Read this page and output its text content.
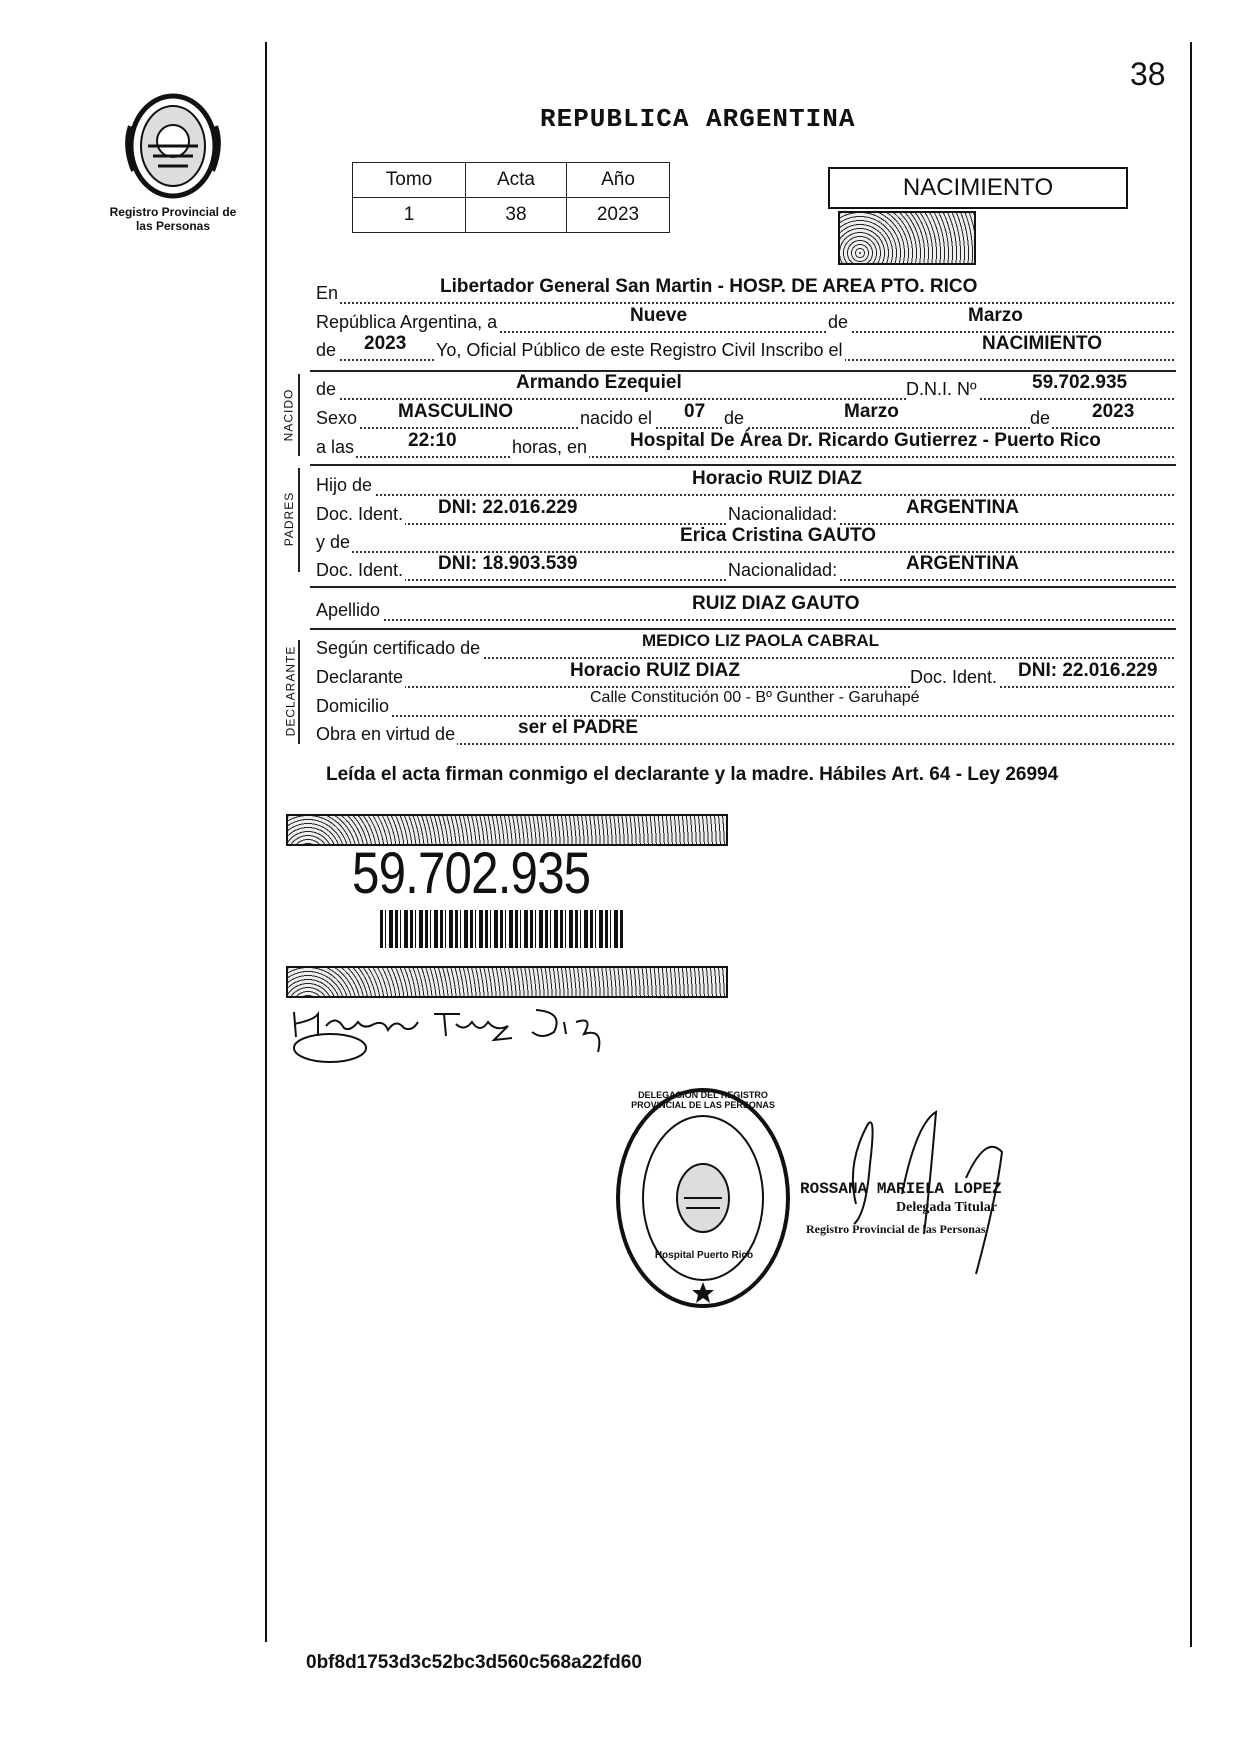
Registro Provincial de las Personas
38
REPUBLICA ARGENTINA
Tomo	Acta	Año
1	38	2023
NACIMIENTO
NACIDO
PADRES
DECLARANTE
En	Libertador General San Martin - HOSP. DE AREA PTO. RICO
República Argentina, a	Nueve	de	Marzo
de 2023 Yo, Oficial Público de este Registro Civil Inscribo el	NACIMIENTO
de	Armando Ezequiel	D.N.I. Nº	59.702.935
Sexo MASCULINO	nacido el 07 de	Marzo	de 2023
a las	22:10	horas, en Hospital De Área Dr. Ricardo Gutierrez - Puerto Rico
Hijo de	Horacio RUIZ DIAZ
Doc. Ident. DNI: 22.016.229	Nacionalidad:	ARGENTINA
y de	Erica Cristina GAUTO
Doc. Ident. DNI: 18.903.539	Nacionalidad:	ARGENTINA
Apellido	RUIZ DIAZ GAUTO
Según certificado de	MEDICO LIZ PAOLA CABRAL
Declarante	Horacio RUIZ DIAZ	Doc. Ident. DNI: 22.016.229
Domicilio	Calle Constitución 00 - Bº Gunther - Garuhapé
Obra en virtud de	ser el PADRE
Leída el acta firman conmigo el declarante y la madre. Hábiles Art. 64 - Ley 26994
59.702.935
DELEGACION DEL REGISTRO PROVINCIAL DE LAS PERSONAS
Hospital Puerto Rico
ROSSANA MARIELA LOPEZ
Delegada Titular
Registro Provincial de las Personas
0bf8d1753d3c52bc3d560c568a22fd60
